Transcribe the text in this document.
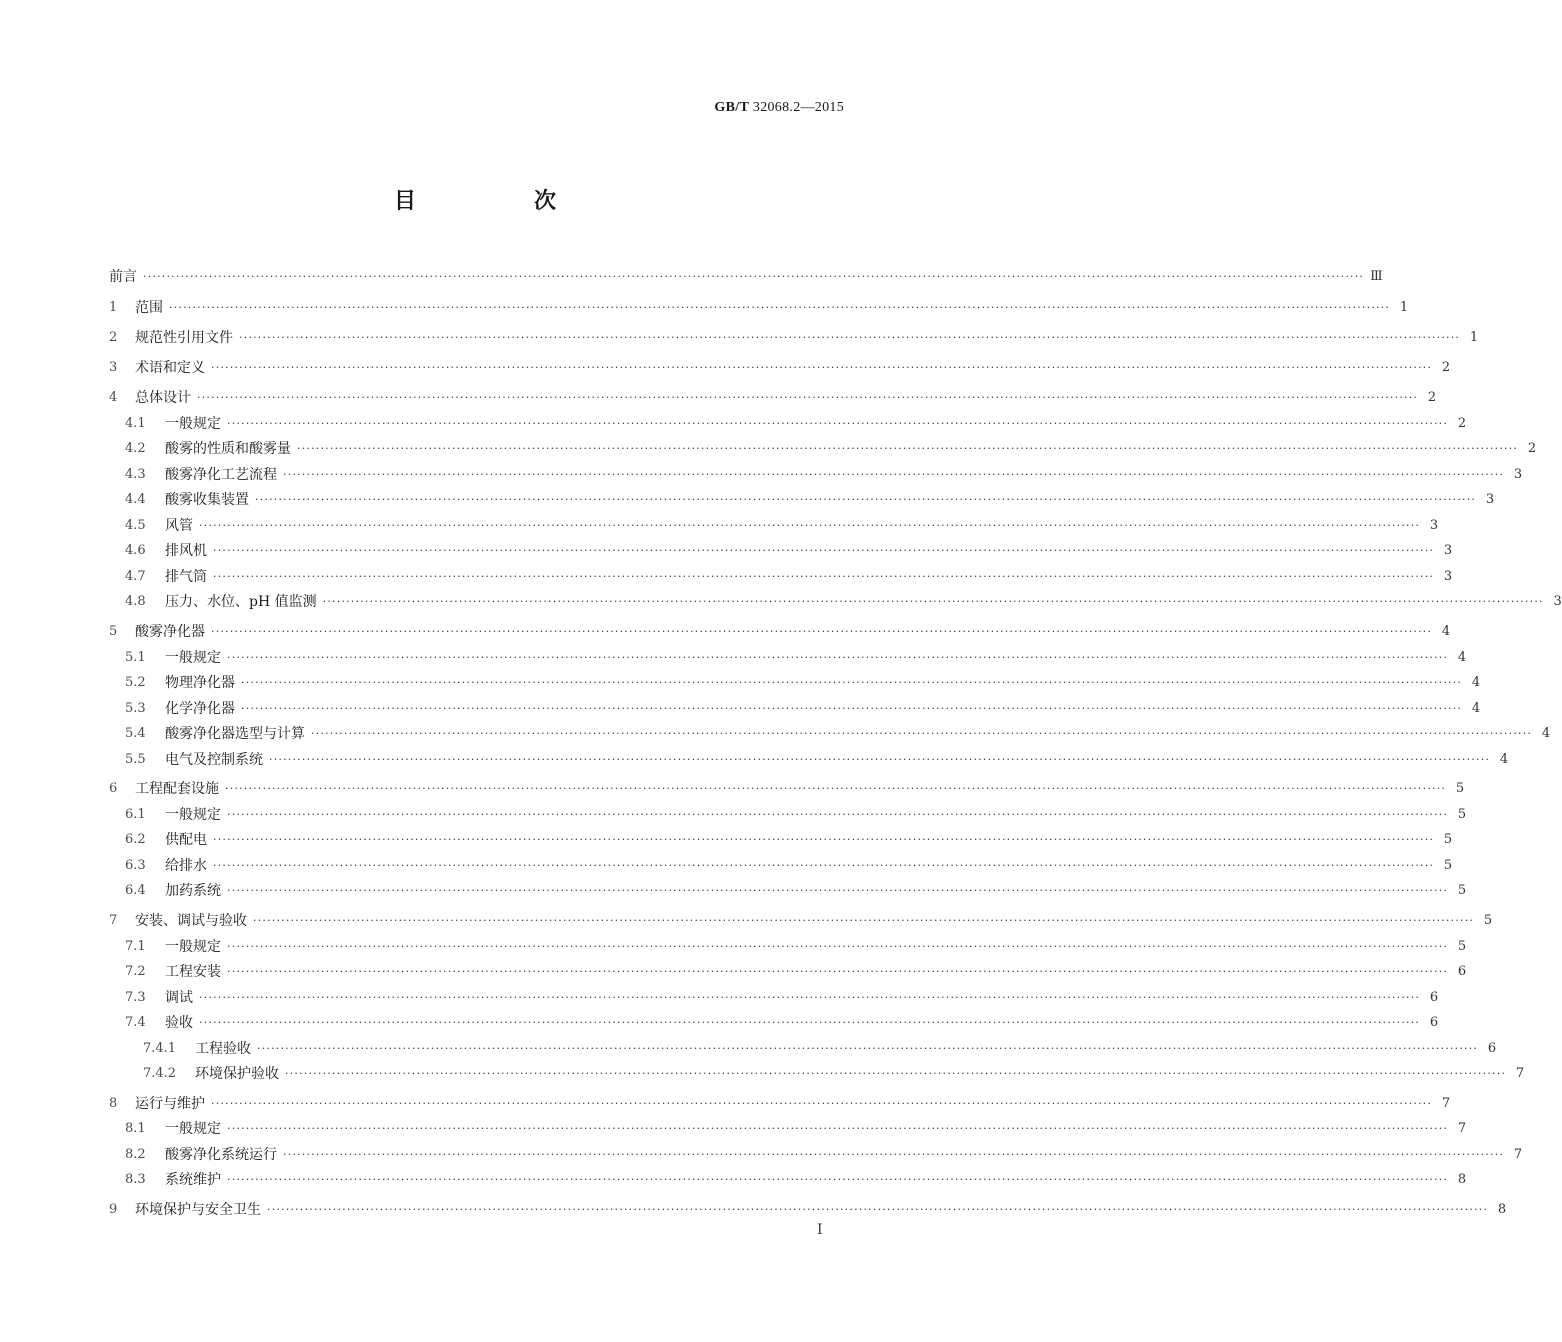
GB/T 32068.2—2015
目　次
前言 ···································································································································································································································································· Ⅲ
1	范围 ···································································································································································································································································· 1
2	规范性引用文件 ···································································································································································································································································· 1
3	术语和定义 ···································································································································································································································································· 2
4	总体设计 ···································································································································································································································································· 2
4.1	一般规定 ···································································································································································································································································· 2
4.2	酸雾的性质和酸雾量 ···································································································································································································································································· 2
4.3	酸雾净化工艺流程 ···································································································································································································································································· 3
4.4	酸雾收集装置 ···································································································································································································································································· 3
4.5	风管 ···································································································································································································································································· 3
4.6	排风机 ···································································································································································································································································· 3
4.7	排气筒 ···································································································································································································································································· 3
4.8	压力、水位、pH 值监测 ···································································································································································································································································· 3
5	酸雾净化器 ···································································································································································································································································· 4
5.1	一般规定 ···································································································································································································································································· 4
5.2	物理净化器 ···································································································································································································································································· 4
5.3	化学净化器 ···································································································································································································································································· 4
5.4	酸雾净化器选型与计算 ···································································································································································································································································· 4
5.5	电气及控制系统 ···································································································································································································································································· 4
6	工程配套设施 ···································································································································································································································································· 5
6.1	一般规定 ···································································································································································································································································· 5
6.2	供配电 ···································································································································································································································································· 5
6.3	给排水 ···································································································································································································································································· 5
6.4	加药系统 ···································································································································································································································································· 5
7	安装、调试与验收 ···································································································································································································································································· 5
7.1	一般规定 ···································································································································································································································································· 5
7.2	工程安装 ···································································································································································································································································· 6
7.3	调试 ···································································································································································································································································· 6
7.4	验收 ···································································································································································································································································· 6
7.4.1	工程验收 ···································································································································································································································································· 6
7.4.2	环境保护验收 ···································································································································································································································································· 7
8	运行与维护 ···································································································································································································································································· 7
8.1	一般规定 ···································································································································································································································································· 7
8.2	酸雾净化系统运行 ···································································································································································································································································· 7
8.3	系统维护 ···································································································································································································································································· 8
9	环境保护与安全卫生 ···································································································································································································································································· 8
Ⅰ
